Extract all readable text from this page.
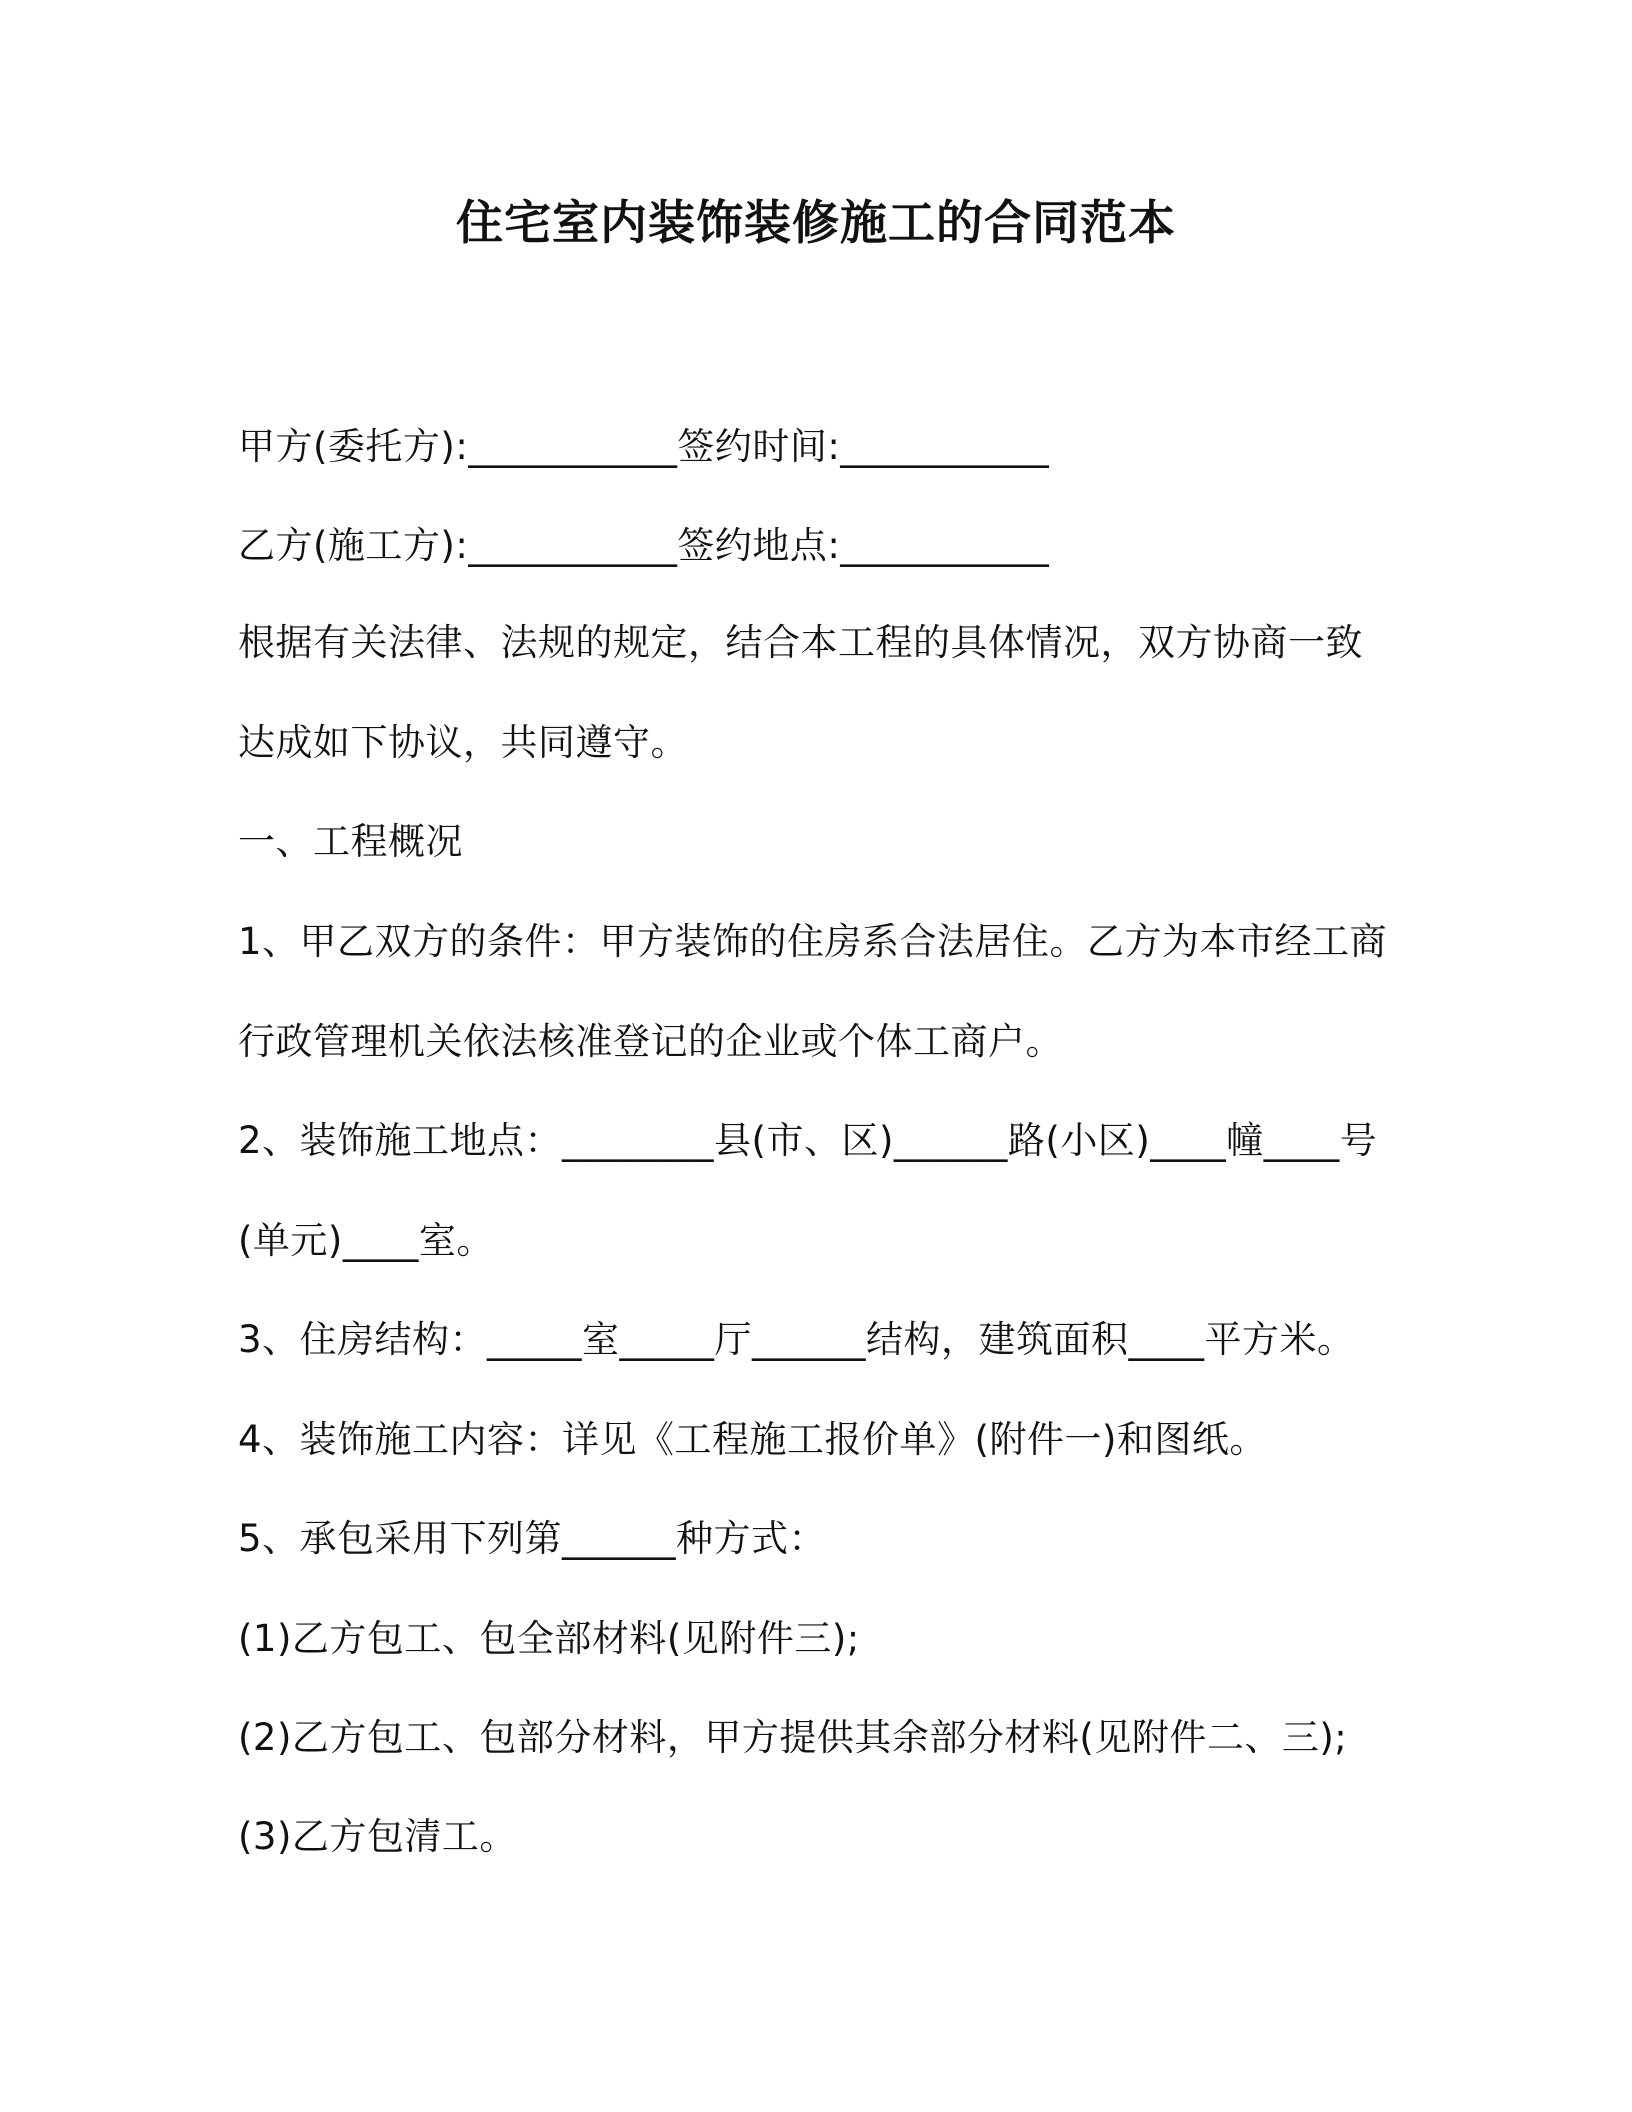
住宅室内装饰装修施工的合同范本
甲方(委托方):___________签约时间:___________
乙方(施工方):___________签约地点:___________
根据有关法律、法规的规定，结合本工程的具体情况，双方协商一致
达成如下协议，共同遵守。
一、工程概况
1、甲乙双方的条件：甲方装饰的住房系合法居住。乙方为本市经工商
行政管理机关依法核准登记的企业或个体工商户。
2、装饰施工地点：________县(市、区)______路(小区)____幢____号
(单元)____室。
3、住房结构：_____室_____厅______结构，建筑面积____平方米。
4、装饰施工内容：详见《工程施工报价单》(附件一)和图纸。
5、承包采用下列第______种方式：
(1)乙方包工、包全部材料(见附件三);
(2)乙方包工、包部分材料，甲方提供其余部分材料(见附件二、三);
(3)乙方包清工。
